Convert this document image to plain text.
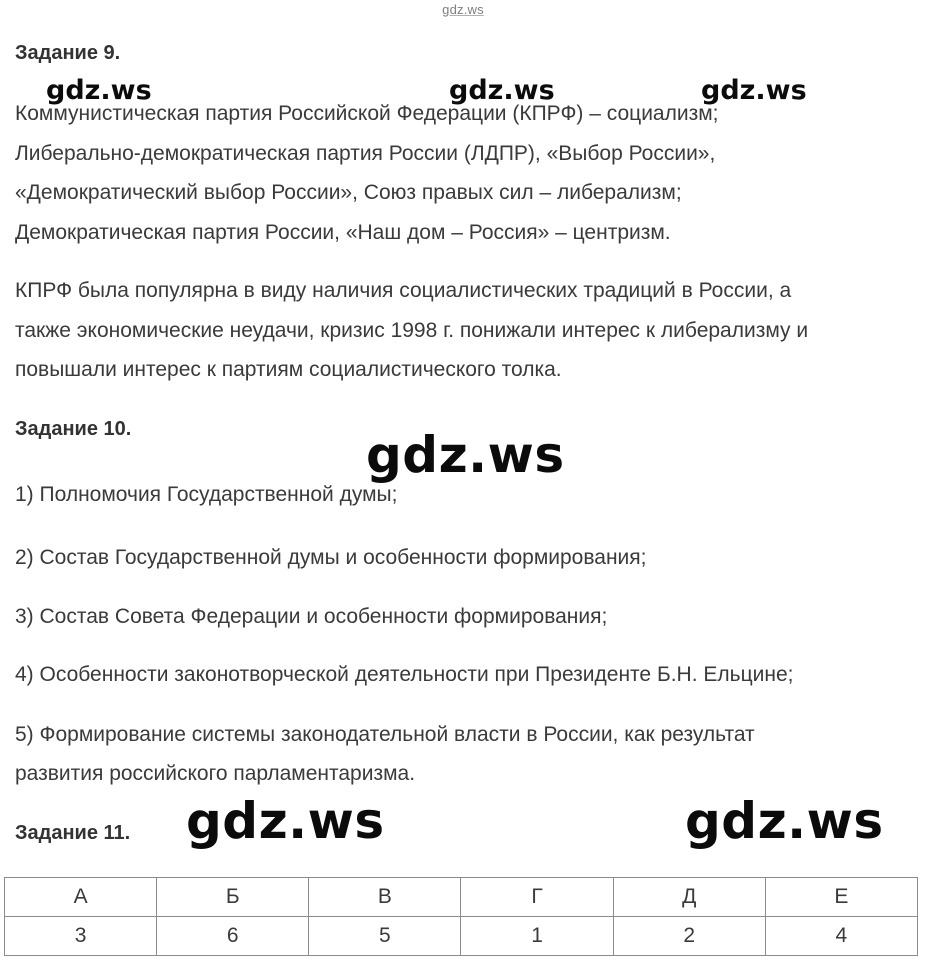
gdz.ws
Задание 9.
Коммунистическая партия Российской Федерации (КПРФ) – социализм;
Либерально-демократическая партия России (ЛДПР), «Выбор России»,
«Демократический выбор России», Союз правых сил – либерализм;
Демократическая партия России, «Наш дом – Россия» – центризм.
КПРФ была популярна в виду наличия социалистических традиций в России, а
также экономические неудачи, кризис 1998 г. понижали интерес к либерализму и
повышали интерес к партиям социалистического толка.
Задание 10.
1) Полномочия Государственной думы;
2) Состав Государственной думы и особенности формирования;
3) Состав Совета Федерации и особенности формирования;
4) Особенности законотворческой деятельности при Президенте Б.Н. Ельцине;
5) Формирование системы законодательной власти в России, как результат
развития российского парламентаризма.
Задание 11.
А	Б	В	Г	Д	Е
3	6	5	1	2	4
gdz.ws	gdz.ws	gdz.ws
gdz.ws
gdz.ws	gdz.ws
